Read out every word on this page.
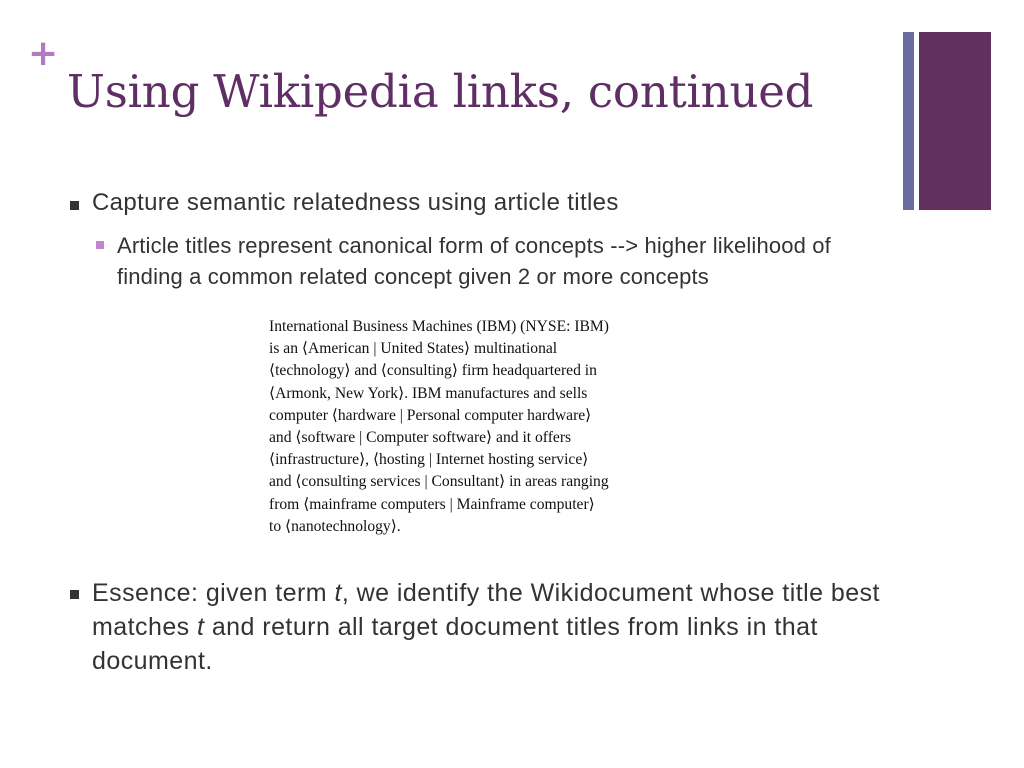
+
Using Wikipedia links, continued

Capture semantic relatedness using article titles

Article titles represent canonical form of concepts --> higher likelihood of finding a common related concept given 2 or more concepts

International Business Machines (IBM) (NYSE: IBM)
is an ⟨American | United States⟩ multinational
⟨technology⟩ and ⟨consulting⟩ firm headquartered in
⟨Armonk, New York⟩. IBM manufactures and sells
computer ⟨hardware | Personal computer hardware⟩
and ⟨software | Computer software⟩ and it offers
⟨infrastructure⟩, ⟨hosting | Internet hosting service⟩
and ⟨consulting services | Consultant⟩ in areas ranging
from ⟨mainframe computers | Mainframe computer⟩
to ⟨nanotechnology⟩.

Essence: given term t, we identify the Wikidocument whose title best matches t and return all target document titles from links in that document.
